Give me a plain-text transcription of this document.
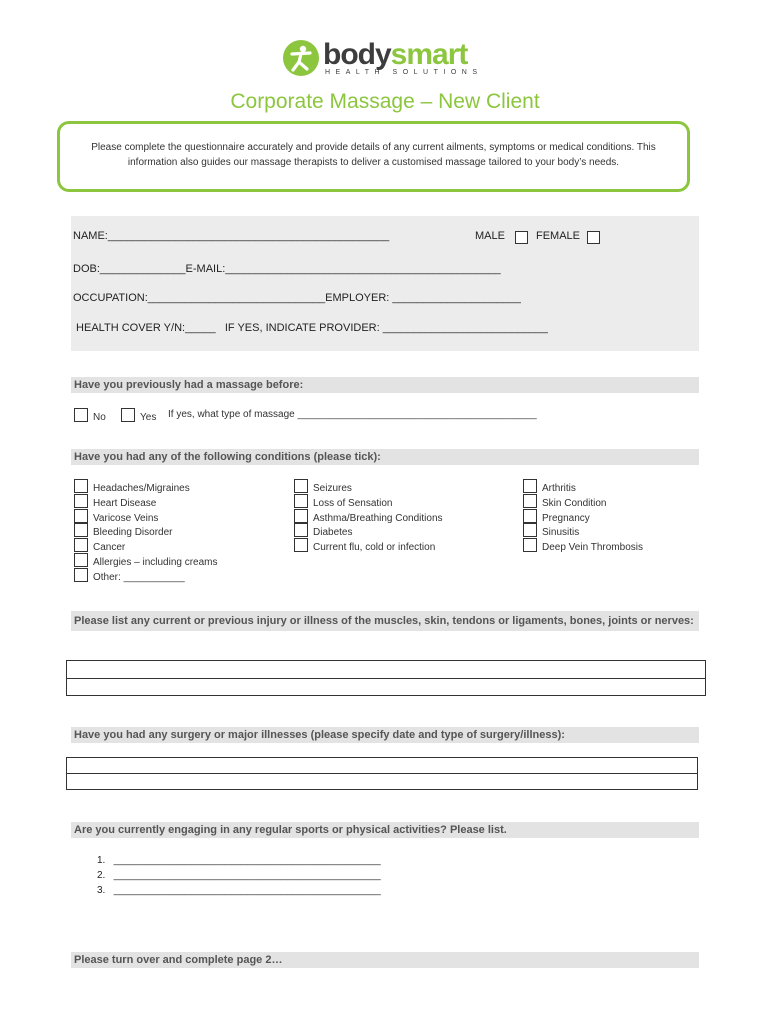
bodysmart
HEALTH SOLUTIONS
Corporate Massage – New Client
Please complete the questionnaire accurately and provide details of any current ailments, symptoms or medical conditions. This information also guides our massage therapists to deliver a customised massage tailored to your body’s needs.
NAME:______________________________________________	MALE	FEMALE
DOB:______________E-MAIL:_____________________________________________
OCCUPATION:_____________________________EMPLOYER: _____________________
HEALTH COVER Y/N:_____   IF YES, INDICATE PROVIDER: ___________________________
Have you previously had a massage before:
No	Yes If yes, what type of massage ___________________________________________
Have you had any of the following conditions (please tick):
Headaches/Migraines
Heart Disease
Varicose Veins
Bleeding Disorder
Cancer
Allergies – including creams
Other: ___________
Seizures
Loss of Sensation
Asthma/Breathing Conditions
Diabetes
Current flu, cold or infection
Arthritis
Skin Condition
Pregnancy
Sinusitis
Deep Vein Thrombosis
Please list any current or previous injury or illness of the muscles, skin, tendons or ligaments, bones, joints or nerves:
Have you had any surgery or major illnesses (please specify date and type of surgery/illness):
Are you currently engaging in any regular sports or physical activities? Please list.
1.   ________________________________________________
2.   ________________________________________________
3.   ________________________________________________
Please turn over and complete page 2…
